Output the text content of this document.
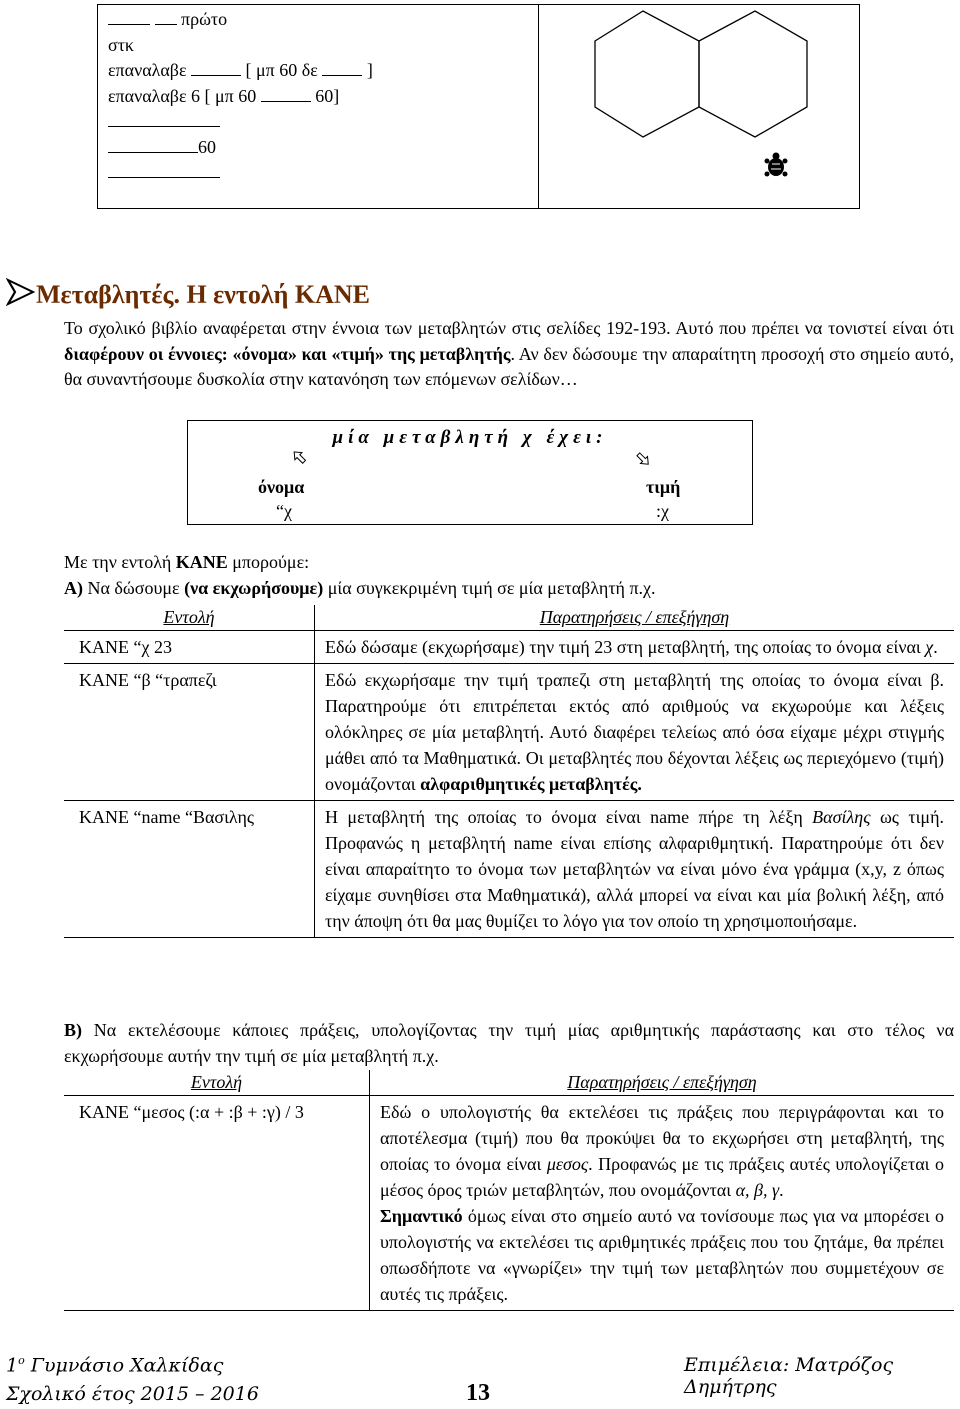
πρώτο
στκ
επαναλαβε	[ μπ 60 δε	]
επαναλαβε 6 [ μπ 60	60]
60
Μεταβλητές. Η εντολή ΚΑΝΕ
Το σχολικό βιβλίο αναφέρεται στην έννοια των μεταβλητών στις σελίδες 192-193. Αυτό που πρέπει να τονιστεί είναι ότι διαφέρουν οι έννοιες: «όνομα» και «τιμή» της μεταβλητής. Αν δεν δώσουμε την απαραίτητη προσοχή στο σημείο αυτό, θα συναντήσουμε δυσκολία στην κατανόηση των επόμενων σελίδων…
μία μεταβλητή χ έχει:
όνομα	τιμή
“χ	:χ
Με την εντολή ΚΑΝΕ μπορούμε:
Α) Να δώσουμε (να εκχωρήσουμε) μία συγκεκριμένη τιμή σε μία μεταβλητή π.χ.
Εντολή	Παρατηρήσεις / επεξήγηση
ΚΑΝΕ “χ 23	Εδώ δώσαμε (εκχωρήσαμε) την τιμή 23 στη μεταβλητή, της οποίας το όνομα είναι χ.
ΚΑΝΕ “β “τραπεζι	Εδώ εκχωρήσαμε την τιμή τραπεζι στη μεταβλητή της οποίας το όνομα είναι β. Παρατηρούμε ότι επιτρέπεται εκτός από αριθμούς να εκχωρούμε και λέξεις ολόκληρες σε μία μεταβλητή. Αυτό διαφέρει τελείως από όσα είχαμε μέχρι στιγμής μάθει από τα Μαθηματικά. Οι μεταβλητές που δέχονται λέξεις ως περιεχόμενο (τιμή) ονομάζονται αλφαριθμητικές μεταβλητές.
ΚΑΝΕ “name “Βασιλης	Η μεταβλητή της οποίας το όνομα είναι name πήρε τη λέξη Βασίλης ως τιμή. Προφανώς η μεταβλητή name είναι επίσης αλφαριθμητική. Παρατηρούμε ότι δεν είναι απαραίτητο το όνομα των μεταβλητών να είναι μόνο ένα γράμμα (x,y, z όπως είχαμε συνηθίσει στα Μαθηματικά), αλλά μπορεί να είναι και μία βολική λέξη, από την άποψη ότι θα μας θυμίζει το λόγο για τον οποίο τη χρησιμοποιήσαμε.
Β) Να εκτελέσουμε κάποιες πράξεις, υπολογίζοντας την τιμή μίας αριθμητικής παράστασης και στο τέλος να εκχωρήσουμε αυτήν την τιμή σε μία μεταβλητή π.χ.
Εντολή	Παρατηρήσεις / επεξήγηση
ΚΑΝΕ “μεσος (:α + :β + :γ) / 3	Εδώ ο υπολογιστής θα εκτελέσει τις πράξεις που περιγράφονται και το αποτέλεσμα (τιμή) που θα προκύψει θα το εκχωρήσει στη μεταβλητή, της οποίας το όνομα είναι μεσος. Προφανώς με τις πράξεις αυτές υπολογίζεται ο μέσος όρος τριών μεταβλητών, που ονομάζονται α, β, γ.
Σημαντικό όμως είναι στο σημείο αυτό να τονίσουμε πως για να μπορέσει ο υπολογιστής να εκτελέσει τις αριθμητικές πράξεις που του ζητάμε, θα πρέπει οπωσδήποτε να «γνωρίζει» την τιμή των μεταβλητών που συμμετέχουν σε αυτές τις πράξεις.
$1^o$ Γυμνάσιο Χαλκίδας
Σχολικό έτος 2015 – 2016
Επιμέλεια: Ματρόζος Δημήτρης
13
